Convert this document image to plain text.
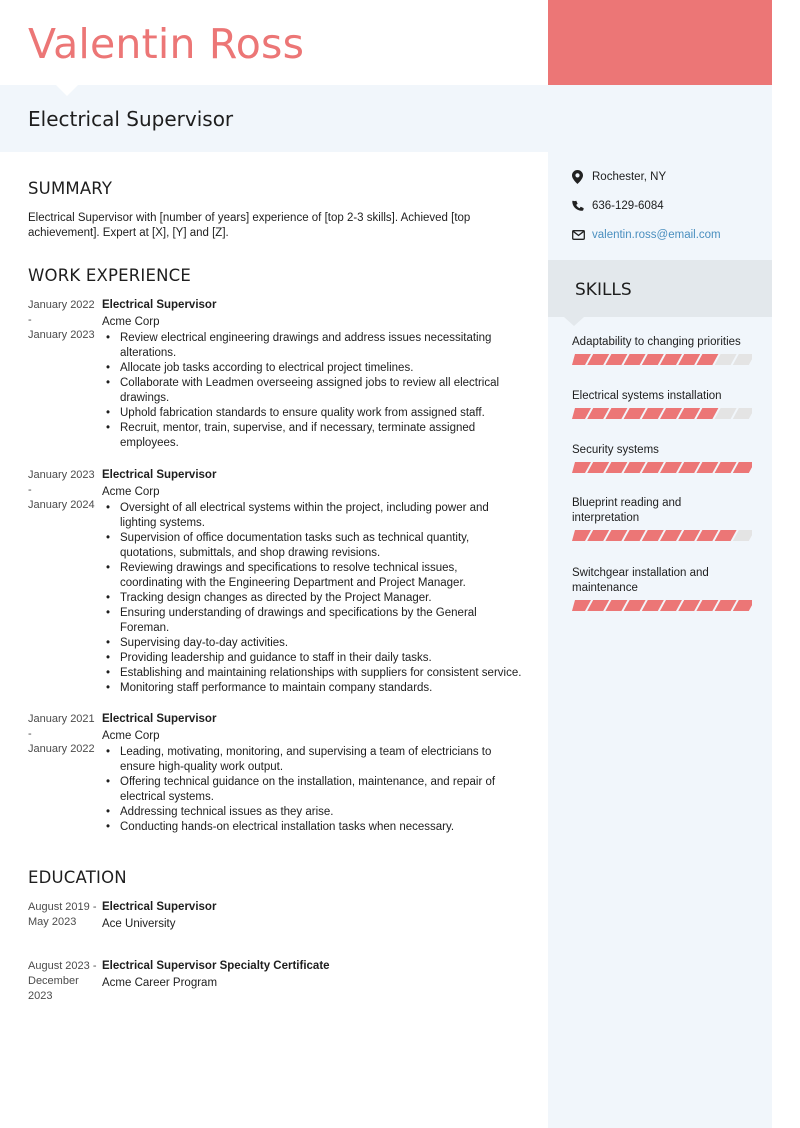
Rochester, NY
636-129-6084
valentin.ross@email.com
SKILLS
Adaptability to changing priorities
Electrical systems installation
Security systems
Blueprint reading and interpretation
Switchgear installation and maintenance
Valentin Ross
Electrical Supervisor
SUMMARY
Electrical Supervisor with [number of years] experience of [top 2-3 skills]. Achieved [top achievement]. Expert at [X], [Y] and [Z].
WORK EXPERIENCE
January 2022
-
January 2023
Electrical Supervisor
Acme Corp
• Review electrical engineering drawings and address issues necessitating alterations.
• Allocate job tasks according to electrical project timelines.
• Collaborate with Leadmen overseeing assigned jobs to review all electrical drawings.
• Uphold fabrication standards to ensure quality work from assigned staff.
• Recruit, mentor, train, supervise, and if necessary, terminate assigned employees.
January 2023
-
January 2024
Electrical Supervisor
Acme Corp
• Oversight of all electrical systems within the project, including power and lighting systems.
• Supervision of office documentation tasks such as technical quantity, quotations, submittals, and shop drawing revisions.
• Reviewing drawings and specifications to resolve technical issues, coordinating with the Engineering Department and Project Manager.
• Tracking design changes as directed by the Project Manager.
• Ensuring understanding of drawings and specifications by the General Foreman.
• Supervising day-to-day activities.
• Providing leadership and guidance to staff in their daily tasks.
• Establishing and maintaining relationships with suppliers for consistent service.
• Monitoring staff performance to maintain company standards.
January 2021
-
January 2022
Electrical Supervisor
Acme Corp
• Leading, motivating, monitoring, and supervising a team of electricians to ensure high-quality work output.
• Offering technical guidance on the installation, maintenance, and repair of electrical systems.
• Addressing technical issues as they arise.
• Conducting hands-on electrical installation tasks when necessary.
EDUCATION
August 2019 - May 2023
Electrical Supervisor
Ace University
August 2023 - December 2023
Electrical Supervisor Specialty Certificate
Acme Career Program
